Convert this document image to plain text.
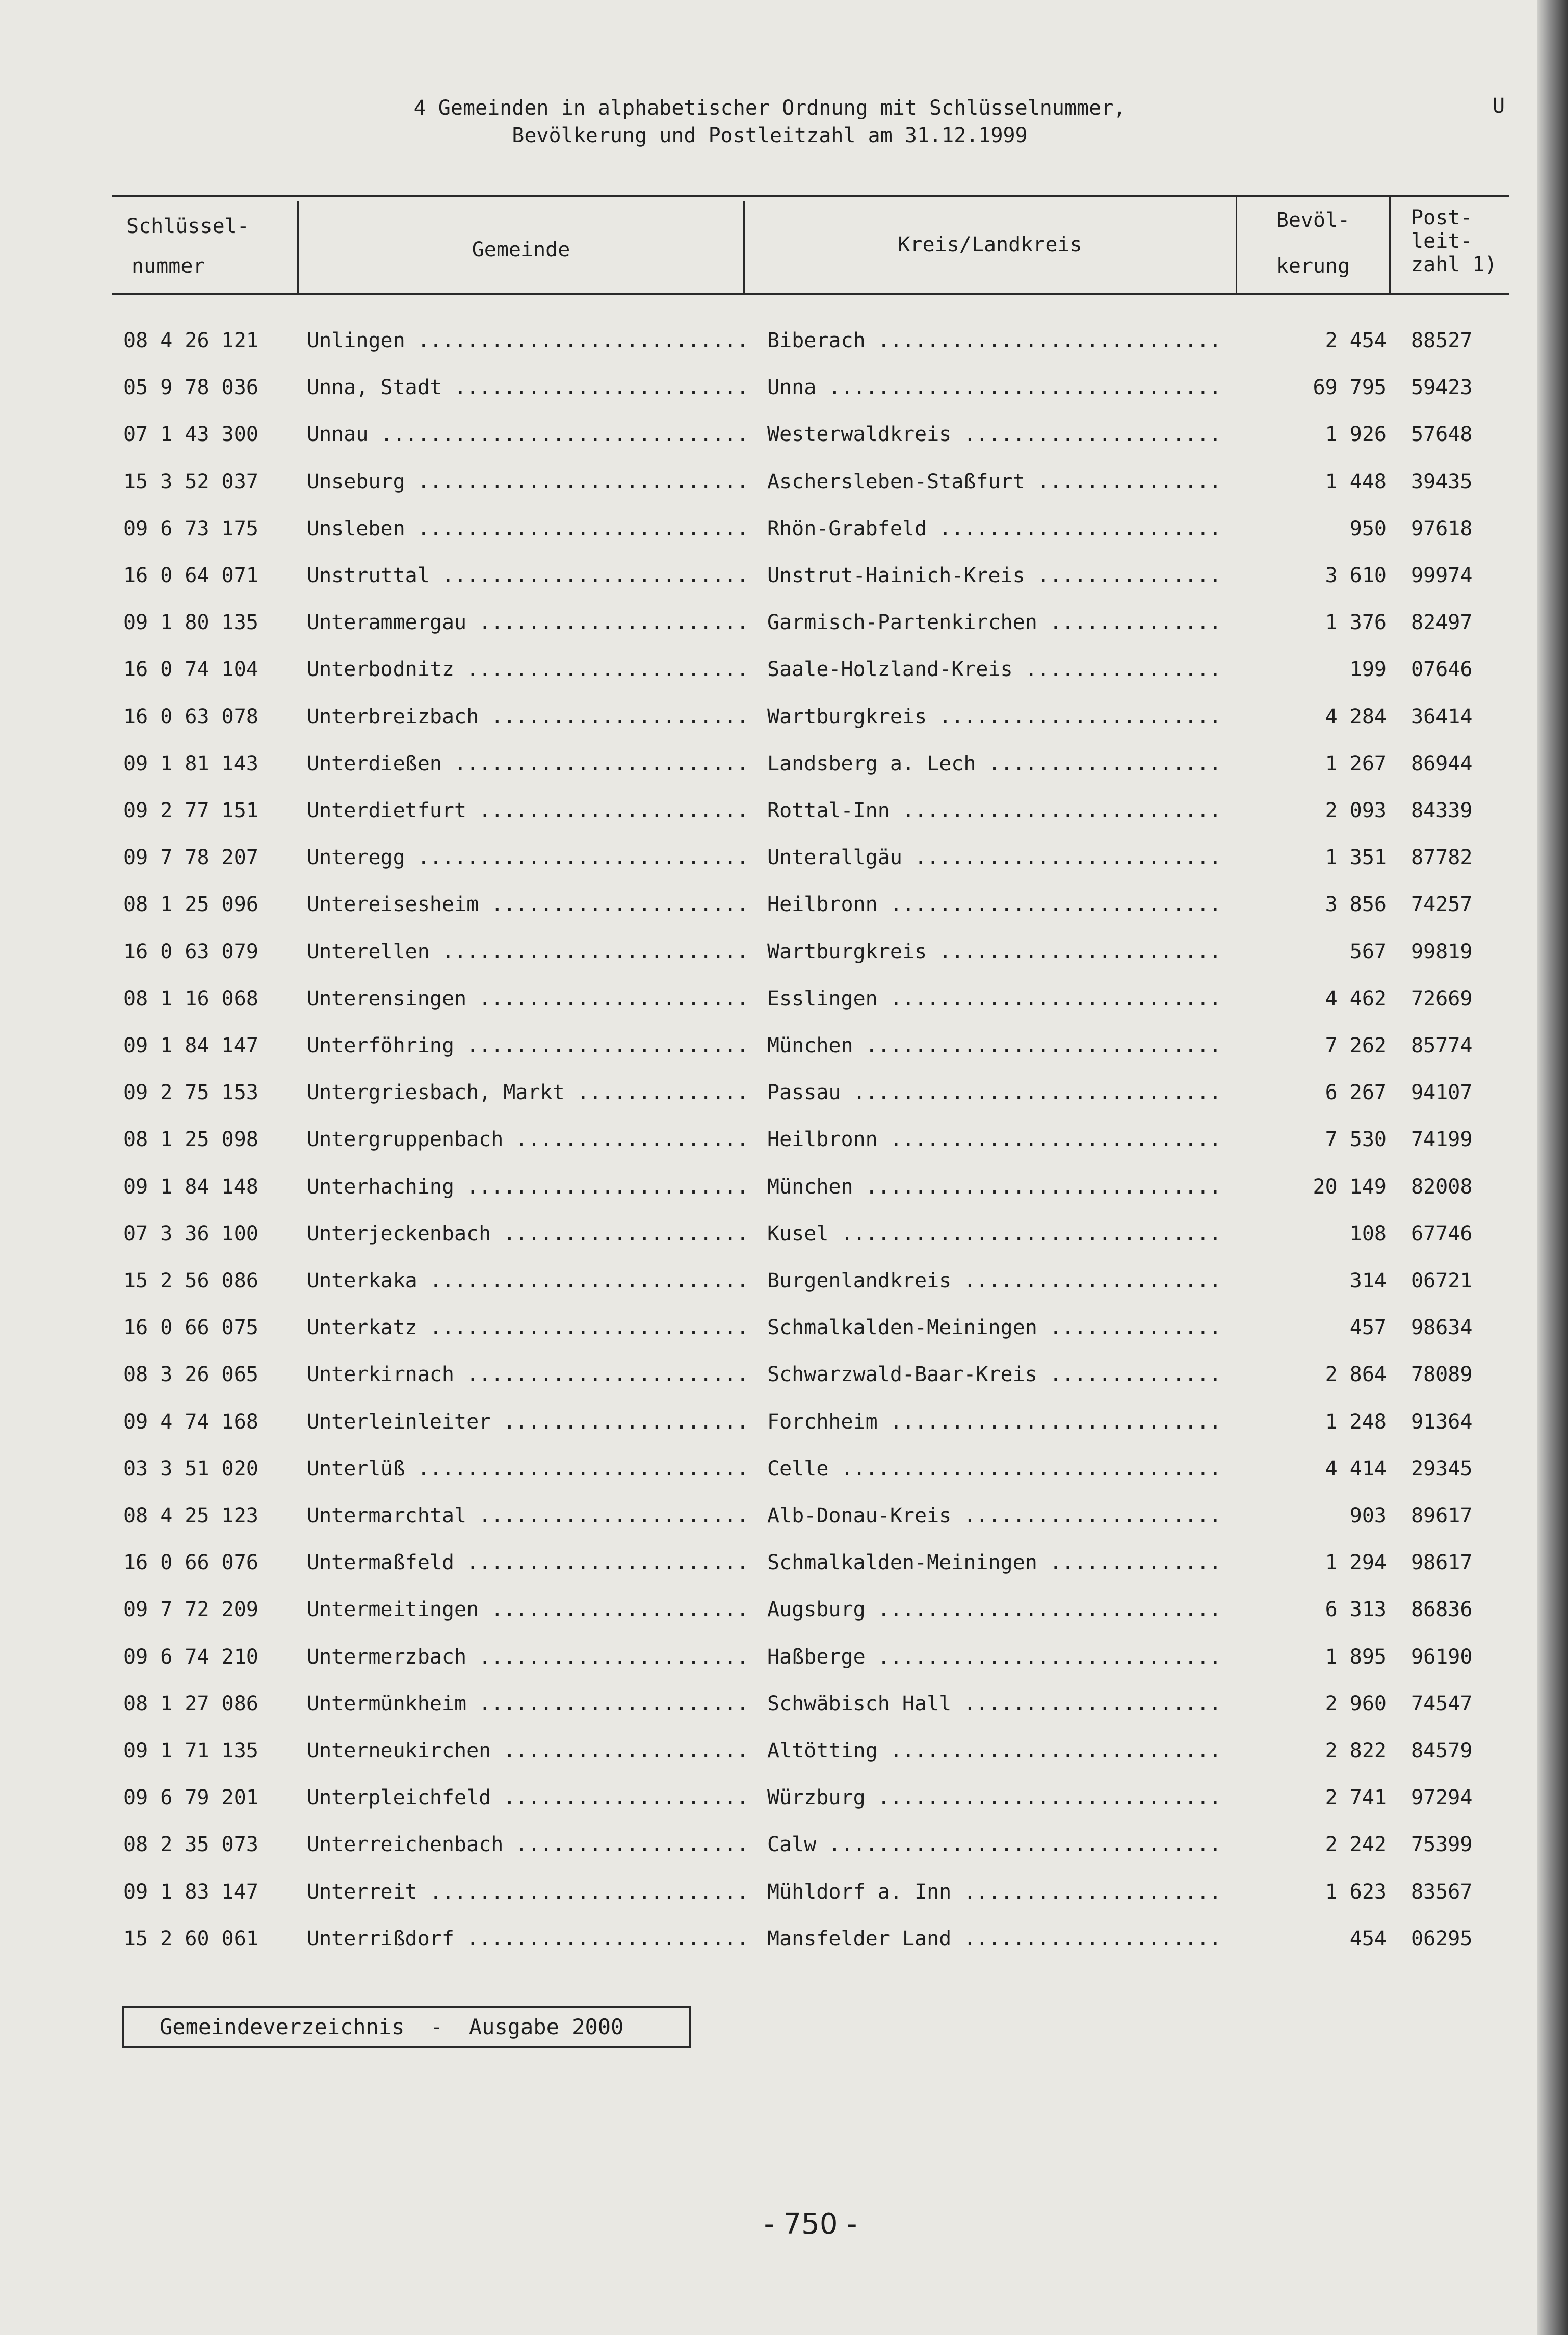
4 Gemeinden in alphabetischer Ordnung mit Schlüsselnummer,
Bevölkerung und Postleitzahl am 31.12.1999
U
Schlüssel-
nummer
Gemeinde	Kreis/Landkreis
Bevöl-
kerung
Post-
leit-
zahl 1)
08 4 26 121 Unlingen .....	Biberach .....	2 454 88527
05 9 78 036 Unna, Stadt .....	Unna .....	69 795 59423
07 1 43 300 Unnau .....	Westerwaldkreis .....	1 926 57648
15 3 52 037 Unseburg .....	Aschersleben-Staßfurt .....	1 448 39435
09 6 73 175 Unsleben .....	Rhön-Grabfeld .....	950 97618
16 0 64 071 Unstruttal .....	Unstrut-Hainich-Kreis .....	3 610 99974
09 1 80 135 Unterammergau .....	Garmisch-Partenkirchen .....	1 376 82497
16 0 74 104 Unterbodnitz .....	Saale-Holzland-Kreis .....	199 07646
16 0 63 078 Unterbreizbach .....	Wartburgkreis .....	4 284 36414
09 1 81 143 Unterdießen .....	Landsberg a. Lech .....	1 267 86944
09 2 77 151 Unterdietfurt .....	Rottal-Inn .....	2 093 84339
09 7 78 207 Unteregg .....	Unterallgäu .....	1 351 87782
08 1 25 096 Untereisesheim .....	Heilbronn .....	3 856 74257
16 0 63 079 Unterellen .....	Wartburgkreis .....	567 99819
08 1 16 068 Unterensingen .....	Esslingen .....	4 462 72669
09 1 84 147 Unterföhring .....	München .....	7 262 85774
09 2 75 153 Untergriesbach, Markt .....	Passau .....	6 267 94107
08 1 25 098 Untergruppenbach .....	Heilbronn .....	7 530 74199
09 1 84 148 Unterhaching .....	München .....	20 149 82008
07 3 36 100 Unterjeckenbach .....	Kusel .....	108 67746
15 2 56 086 Unterkaka .....	Burgenlandkreis .....	314 06721
16 0 66 075 Unterkatz .....	Schmalkalden-Meiningen .....	457 98634
08 3 26 065 Unterkirnach .....	Schwarzwald-Baar-Kreis .....	2 864 78089
09 4 74 168 Unterleinleiter .....	Forchheim .....	1 248 91364
03 3 51 020 Unterlüß .....	Celle .....	4 414 29345
08 4 25 123 Untermarchtal .....	Alb-Donau-Kreis .....	903 89617
16 0 66 076 Untermaßfeld .....	Schmalkalden-Meiningen .....	1 294 98617
09 7 72 209 Untermeitingen .....	Augsburg .....	6 313 86836
09 6 74 210 Untermerzbach .....	Haßberge .....	1 895 96190
08 1 27 086 Untermünkheim .....	Schwäbisch Hall .....	2 960 74547
09 1 71 135 Unterneukirchen .....	Altötting .....	2 822 84579
09 6 79 201 Unterpleichfeld .....	Würzburg .....	2 741 97294
08 2 35 073 Unterreichenbach .....	Calw .....	2 242 75399
09 1 83 147 Unterreit .....	Mühldorf a. Inn .....	1 623 83567
15 2 60 061 Unterrißdorf .....	Mansfelder Land .....	454 06295
Gemeindeverzeichnis  -  Ausgabe 2000
- 750 -
